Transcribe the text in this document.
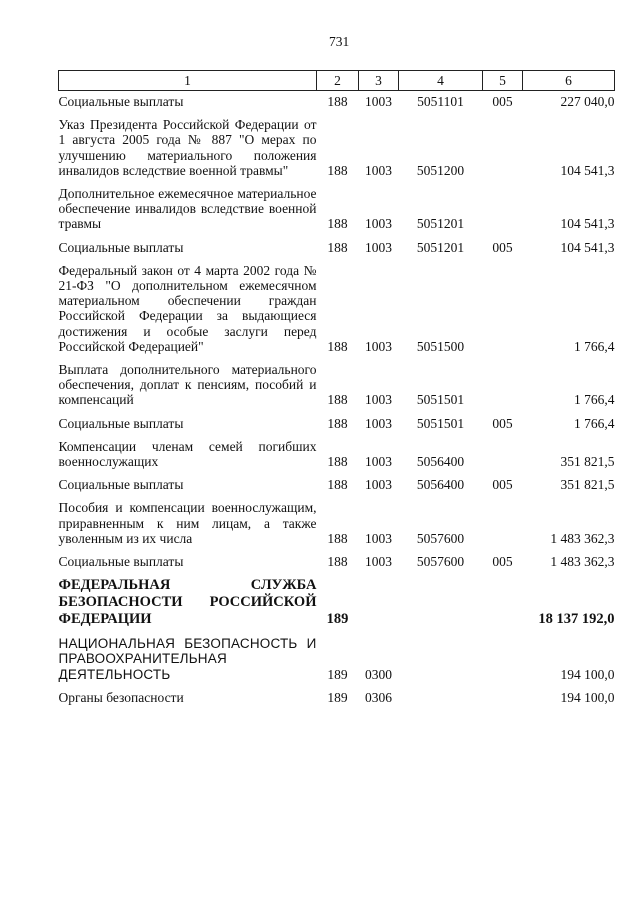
731
1	2	3	4	5	6
Социальные выплаты	188	1003	5051101	005	227 040,0
Указ Президента Российской Федерации от 1 августа 2005 года № 887 "О мерах по улучшению материального положения инвалидов вследствие военной травмы"	188	1003	5051200		104 541,3
Дополнительное ежемесячное материальное обеспечение инвалидов вследствие военной травмы	188	1003	5051201		104 541,3
Социальные выплаты	188	1003	5051201	005	104 541,3
Федеральный закон от 4 марта 2002 года № 21-ФЗ "О дополнительном ежемесячном материальном обеспечении граждан Российской Федерации за выдающиеся достижения и особые заслуги перед Российской Федерацией"	188	1003	5051500		1 766,4
Выплата дополнительного материального обеспечения, доплат к пенсиям, пособий и компенсаций	188	1003	5051501		1 766,4
Социальные выплаты	188	1003	5051501	005	1 766,4
Компенсации членам семей погибших военнослужащих	188	1003	5056400		351 821,5
Социальные выплаты	188	1003	5056400	005	351 821,5
Пособия и компенсации военнослужащим, приравненным к ним лицам, а также уволенным из их числа	188	1003	5057600		1 483 362,3
Социальные выплаты	188	1003	5057600	005	1 483 362,3
ФЕДЕРАЛЬНАЯ СЛУЖБА БЕЗОПАСНОСТИ РОССИЙСКОЙ ФЕДЕРАЦИИ	189				18 137 192,0
НАЦИОНАЛЬНАЯ БЕЗОПАСНОСТЬ И ПРАВООХРАНИТЕЛЬНАЯ ДЕЯТЕЛЬНОСТЬ	189	0300			194 100,0
Органы безопасности	189	0306			194 100,0
